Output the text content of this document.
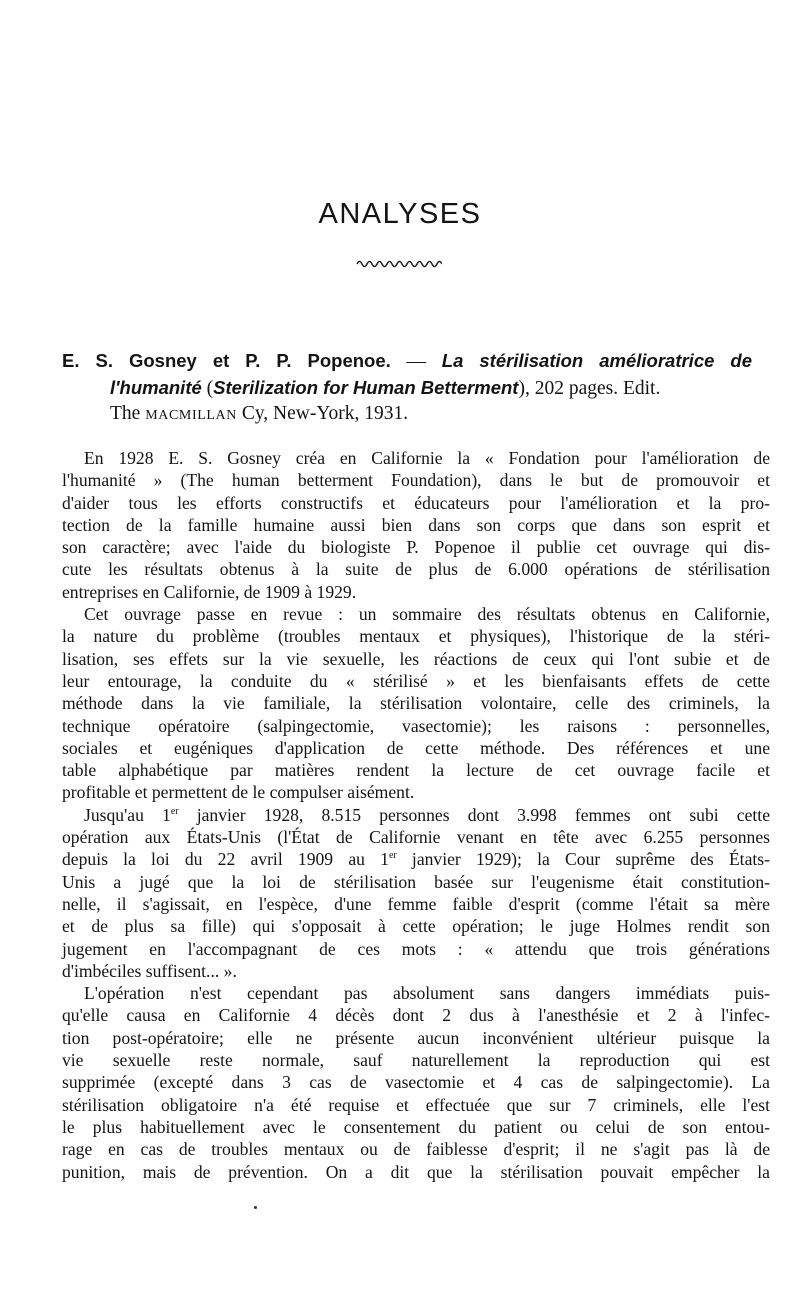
ANALYSES
E. S. Gosney et P. P. Popenoe. — La stérilisation amélioratrice de
l'humanité (Sterilization for Human Betterment), 202 pages. Edit.
The MACMILLAN Cy, New-York, 1931.
En 1928 E. S. Gosney créa en Californie la « Fondation pour l'amélioration de
l'humanité » (The human betterment Foundation), dans le but de promouvoir et
d'aider tous les efforts constructifs et éducateurs pour l'amélioration et la pro-
tection de la famille humaine aussi bien dans son corps que dans son esprit et
son caractère; avec l'aide du biologiste P. Popenoe il publie cet ouvrage qui dis-
cute les résultats obtenus à la suite de plus de 6.000 opérations de stérilisation
entreprises en Californie, de 1909 à 1929.
Cet ouvrage passe en revue : un sommaire des résultats obtenus en Californie,
la nature du problème (troubles mentaux et physiques), l'historique de la stéri-
lisation, ses effets sur la vie sexuelle, les réactions de ceux qui l'ont subie et de
leur entourage, la conduite du « stérilisé » et les bienfaisants effets de cette
méthode dans la vie familiale, la stérilisation volontaire, celle des criminels, la
technique opératoire (salpingectomie, vasectomie); les raisons : personnelles,
sociales et eugéniques d'application de cette méthode. Des références et une
table alphabétique par matières rendent la lecture de cet ouvrage facile et
profitable et permettent de le compulser aisément.
Jusqu'au 1er janvier 1928, 8.515 personnes dont 3.998 femmes ont subi cette
opération aux États-Unis (l'État de Californie venant en tête avec 6.255 personnes
depuis la loi du 22 avril 1909 au 1er janvier 1929); la Cour suprême des États-
Unis a jugé que la loi de stérilisation basée sur l'eugenisme était constitution-
nelle, il s'agissait, en l'espèce, d'une femme faible d'esprit (comme l'était sa mère
et de plus sa fille) qui s'opposait à cette opération; le juge Holmes rendit son
jugement en l'accompagnant de ces mots : « attendu que trois générations
d'imbéciles suffisent... ».
L'opération n'est cependant pas absolument sans dangers immédiats puis-
qu'elle causa en Californie 4 décès dont 2 dus à l'anesthésie et 2 à l'infec-
tion post-opératoire; elle ne présente aucun inconvénient ultérieur puisque la
vie sexuelle reste normale, sauf naturellement la reproduction qui est
supprimée (excepté dans 3 cas de vasectomie et 4 cas de salpingectomie). La
stérilisation obligatoire n'a été requise et effectuée que sur 7 criminels, elle l'est
le plus habituellement avec le consentement du patient ou celui de son entou-
rage en cas de troubles mentaux ou de faiblesse d'esprit; il ne s'agit pas là de
punition, mais de prévention. On a dit que la stérilisation pouvait empêcher la
